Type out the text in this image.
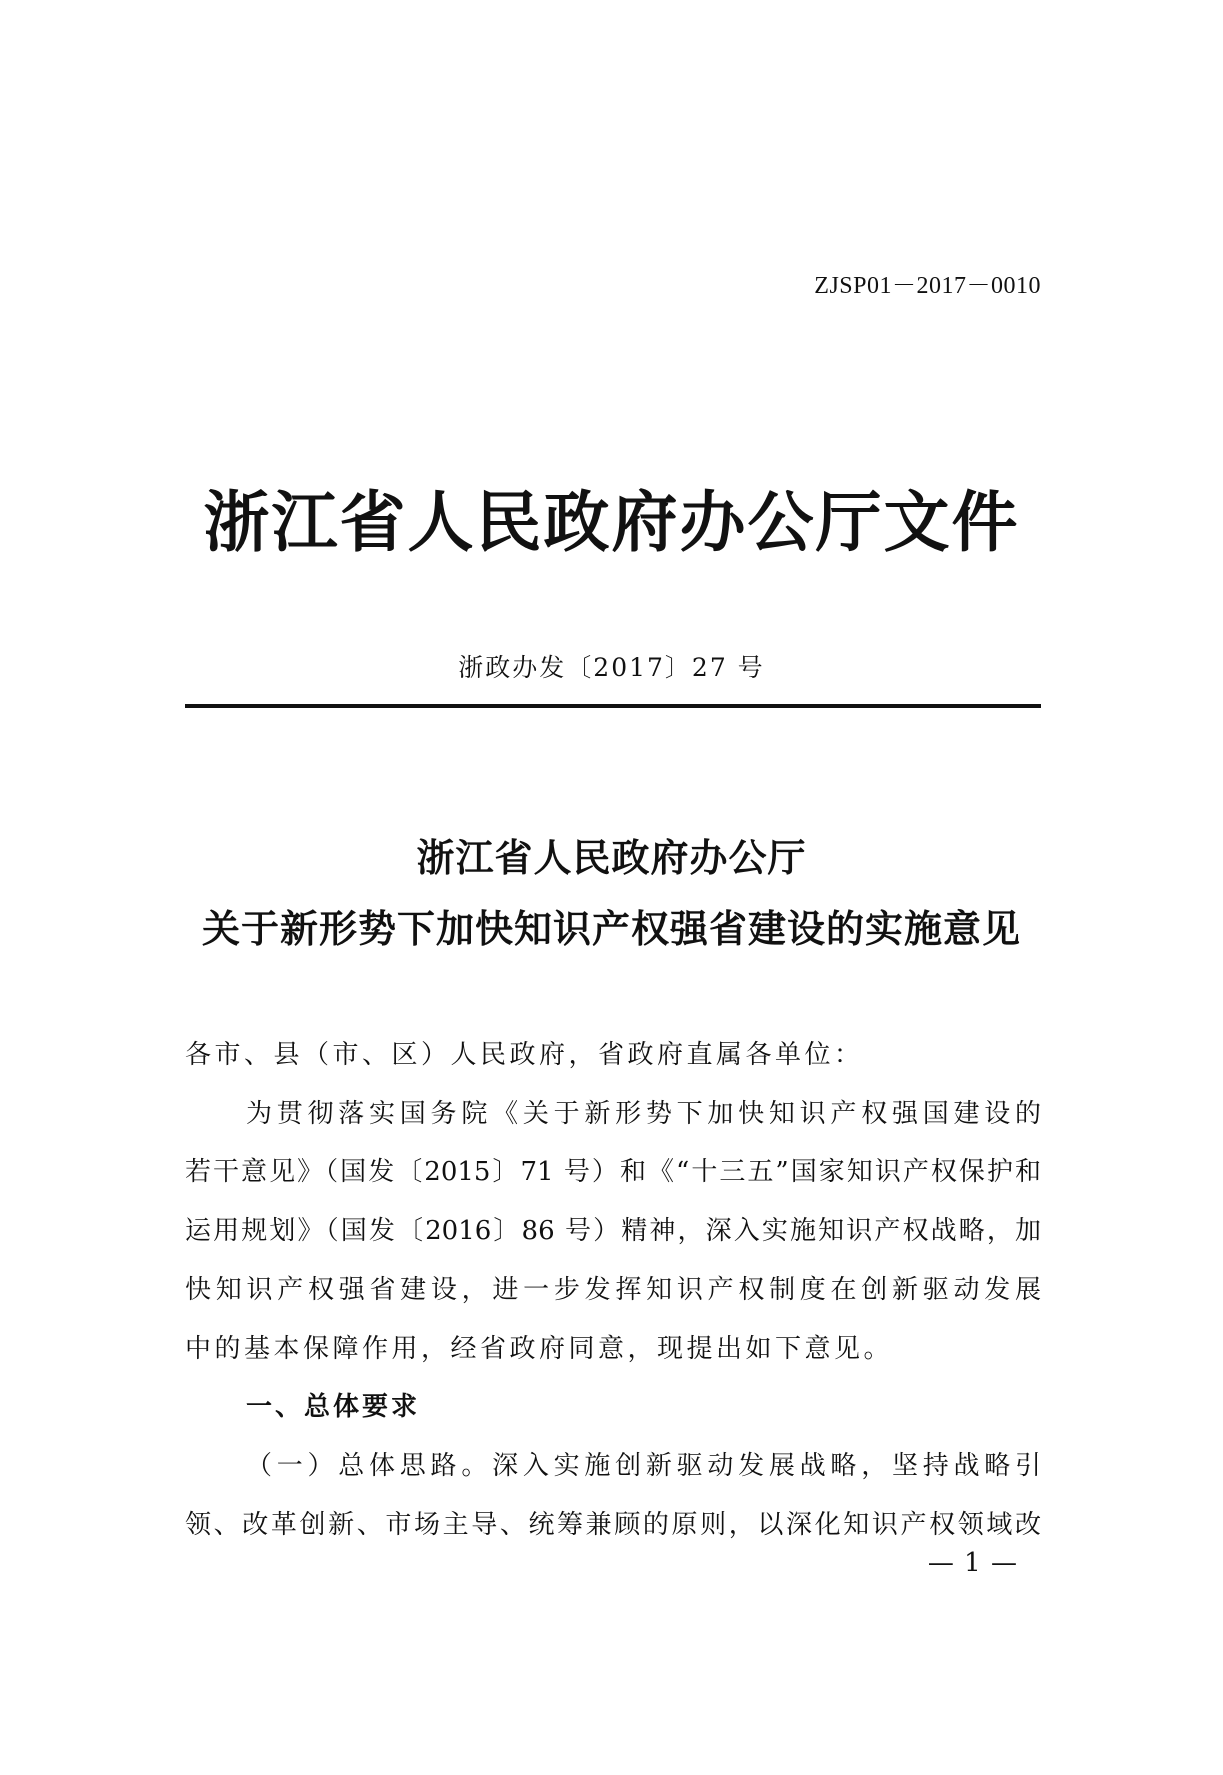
ZJSP01－2017－0010
浙江省人民政府办公厅文件
浙政办发〔2017〕27 号
浙江省人民政府办公厅
关于新形势下加快知识产权强省建设的实施意见
各市、县（市、区）人民政府，省政府直属各单位：
为贯彻落实国务院《关于新形势下加快知识产权强国建设的
若干意见》（国发〔2015〕71 号）和《“十三五”国家知识产权保护和
运用规划》（国发〔2016〕86 号）精神，深入实施知识产权战略，加
快知识产权强省建设，进一步发挥知识产权制度在创新驱动发展
中的基本保障作用，经省政府同意，现提出如下意见。
一、总体要求
（一）总体思路。深入实施创新驱动发展战略，坚持战略引
领、改革创新、市场主导、统筹兼顾的原则，以深化知识产权领域改
— 1 —
